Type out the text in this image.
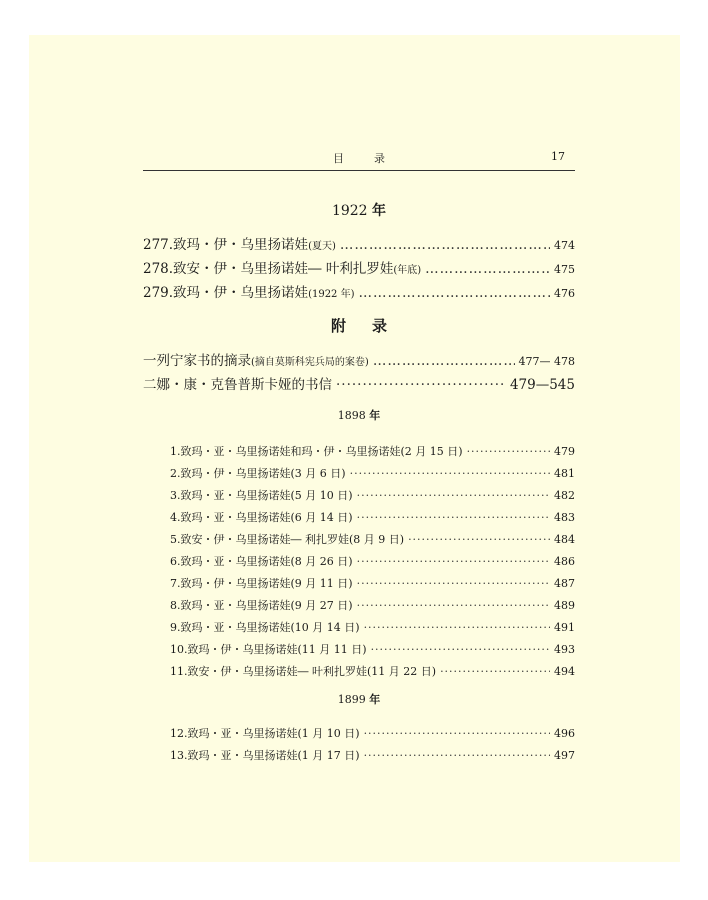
目录	17
1922 年
277.致玛・伊・乌里扬诺娃 (夏天) ……………………………………………………………………………………………………………………………………	474
278.致安・伊・乌里扬诺娃― 叶利扎罗娃 (年底) ……………………………………………………………………………………………………………………………………	475
279.致玛・伊・乌里扬诺娃 (1922 年) ……………………………………………………………………………………………………………………………………	476
附录
一 列宁家书的摘录 (摘自莫斯科宪兵局的案卷) ……………………………………………………………………………………………………………………………………	477— 478
二 娜・康・克鲁普斯卡娅的书信 ·····	479—545
1898 年
1.致玛・亚・乌里扬诺娃和玛・伊・乌里扬诺娃(2 月 15 日) ·····	479
2.致玛・伊・乌里扬诺娃(3 月 6 日) ·····	481
3.致玛・亚・乌里扬诺娃(5 月 10 日) ·····	482
4.致玛・亚・乌里扬诺娃(6 月 14 日) ·····	483
5.致安・伊・乌里扬诺娃― 利扎罗娃(8 月 9 日) ·····	484
6.致玛・亚・乌里扬诺娃(8 月 26 日) ·····	486
7.致玛・伊・乌里扬诺娃(9 月 11 日) ·····	487
8.致玛・亚・乌里扬诺娃(9 月 27 日) ·····	489
9.致玛・亚・乌里扬诺娃(10 月 14 日) ·····	491
10.致玛・伊・乌里扬诺娃(11 月 11 日) ·····	493
11.致安・伊・乌里扬诺娃― 叶利扎罗娃(11 月 22 日) ·····	494
1899 年
12.致玛・亚・乌里扬诺娃(1 月 10 日) ·····	496
13.致玛・亚・乌里扬诺娃(1 月 17 日) ·····	497
